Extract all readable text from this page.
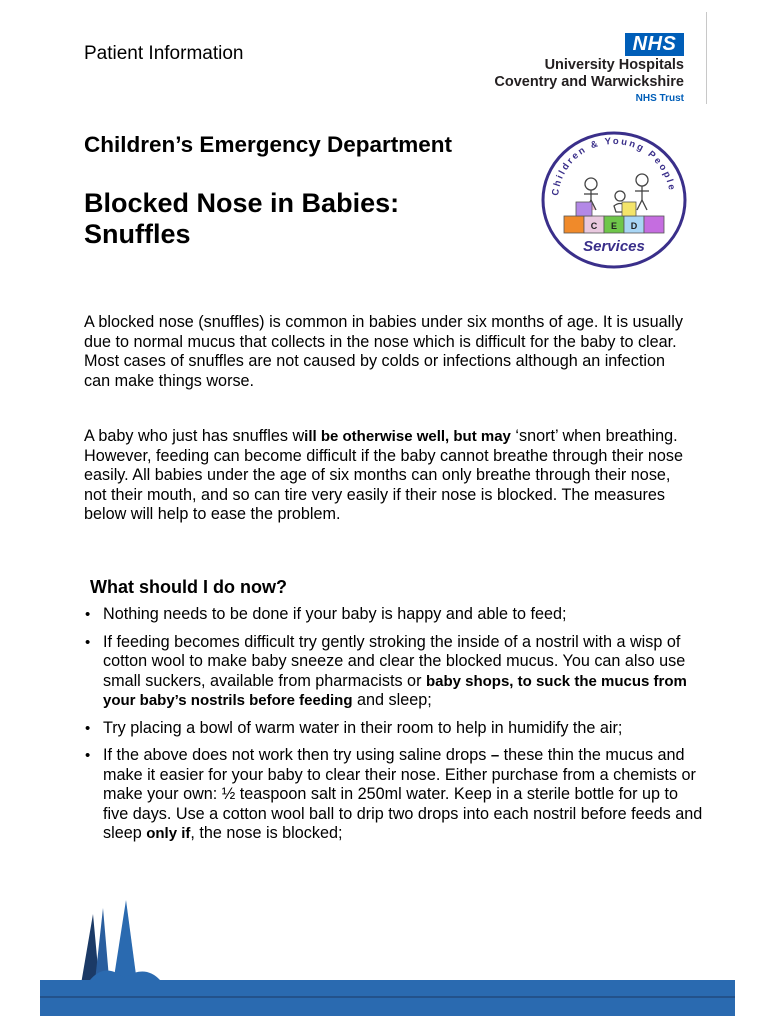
Patient Information	NHS
University Hospitals
Coventry and Warwickshire
NHS Trust
Children’s Emergency Department
Blocked Nose in Babies:
Snuffles
Children & Young People
C E D
Services
A blocked nose (snuffles) is common in babies under six months of age. It is usually due to normal mucus that collects in the nose which is difficult for the baby to clear. Most cases of snuffles are not caused by colds or infections although an infection can make things worse.
A baby who just has snuffles will be otherwise well, but may ‘snort’ when breathing. However, feeding can become difficult if the baby cannot breathe through their nose easily. All babies under the age of six months can only breathe through their nose, not their mouth, and so can tire very easily if their nose is blocked. The measures below will help to ease the problem.
What should I do now?
• Nothing needs to be done if your baby is happy and able to feed;
• If feeding becomes difficult try gently stroking the inside of a nostril with a wisp of cotton wool to make baby sneeze and clear the blocked mucus. You can also use small suckers, available from pharmacists or baby shops, to suck the mucus from your baby’s nostrils before feeding and sleep;
• Try placing a bowl of warm water in their room to help in humidify the air;
• If the above does not work then try using saline drops – these thin the mucus and make it easier for your baby to clear their nose. Either purchase from a chemists or make your own: ½ teaspoon salt in 250ml water. Keep in a sterile bottle for up to five days. Use a cotton wool ball to drip two drops into each nostril before feeds and sleep only if, the nose is blocked;
